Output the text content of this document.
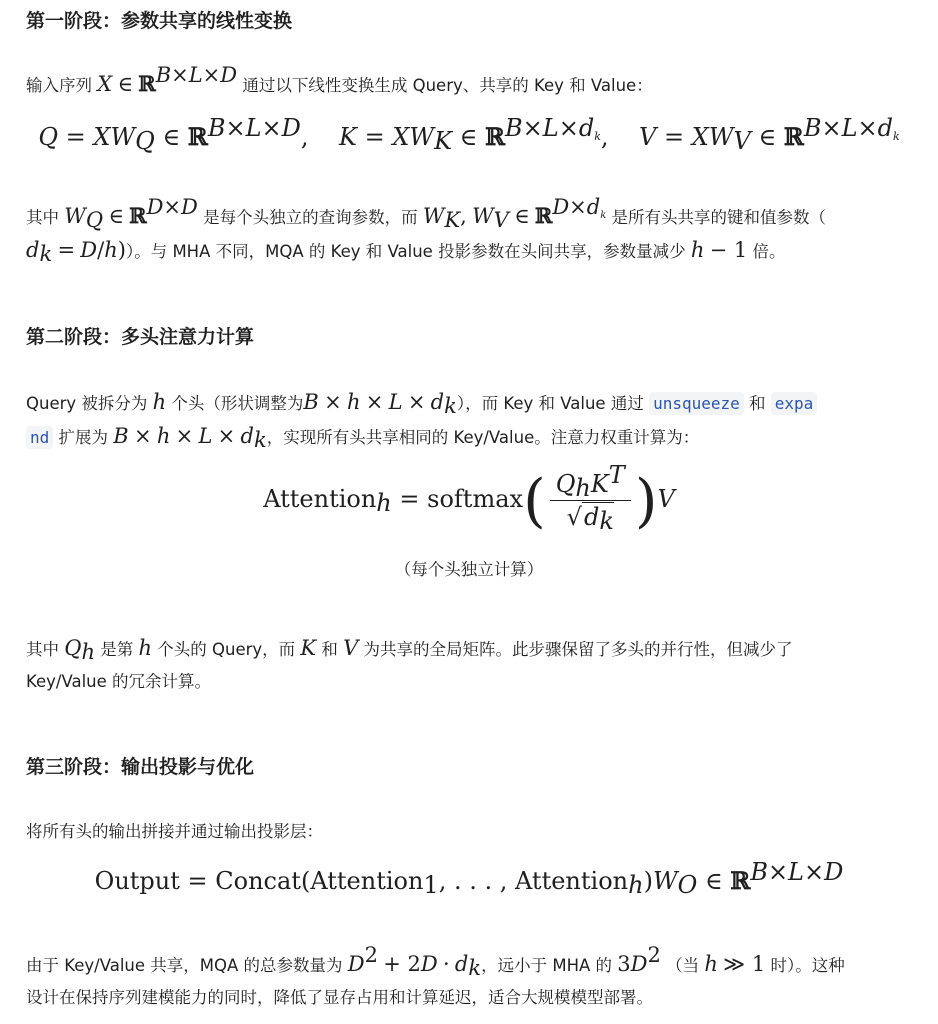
第一阶段：参数共享的线性变换

输入序列 X ∈ ℝ$^{B\times L\times D}$ 通过以下线性变换生成 Query、共享的 Key 和 Value：

$Q = XW_Q$ ∈ ℝ$^{B\times L\times D}$,    $K = XW_K$ ∈ ℝ$^{B\times L\times d_k}$,    $V = XW_V$ ∈ ℝ$^{B\times L\times d_k}$

其中 $W_Q$ ∈ ℝ$^{D\times D}$ 是每个头独立的查询参数，而 $W_K$, $W_V$ ∈ ℝ$^{D\times d_k}$ 是所有头共享的键和值参数（
$d_k = D/h$)）。与 MHA 不同，MQA 的 Key 和 Value 投影参数在头间共享，参数量减少 h − 1 倍。

第二阶段：多头注意力计算

Query 被拆分为 h 个头（形状调整为$B \times h \times L \times d_k$），而 Key 和 Value 通过 unsqueeze 和 expa
nd 扩展为 $B \times h \times L \times d_k$，实现所有头共享相同的 Key/Value。注意力权重计算为：

Attention$_h$ = softmax( $\frac{Q_hK^T}{√d_k} )V$
（每个头独立计算）

其中 $Q_h$ 是第 h 个头的 Query，而 K 和 V 为共享的全局矩阵。此步骤保留了多头的并行性，但减少了
Key/Value 的冗余计算。

第三阶段：输出投影与优化

将所有头的输出拼接并通过输出投影层：

Output = Concat(Attention$_1$, . . . , $Attention_h)W_O$ ∈ ℝ$^{B\times L\times D}$

由于 Key/Value 共享，MQA 的总参数量为 $D^2 + 2D \cdot d_k$，远小于 MHA 的 $3D^2$ （当 h ≫ 1 时）。这种
设计在保持序列建模能力的同时，降低了显存占用和计算延迟，适合大规模模型部署。
